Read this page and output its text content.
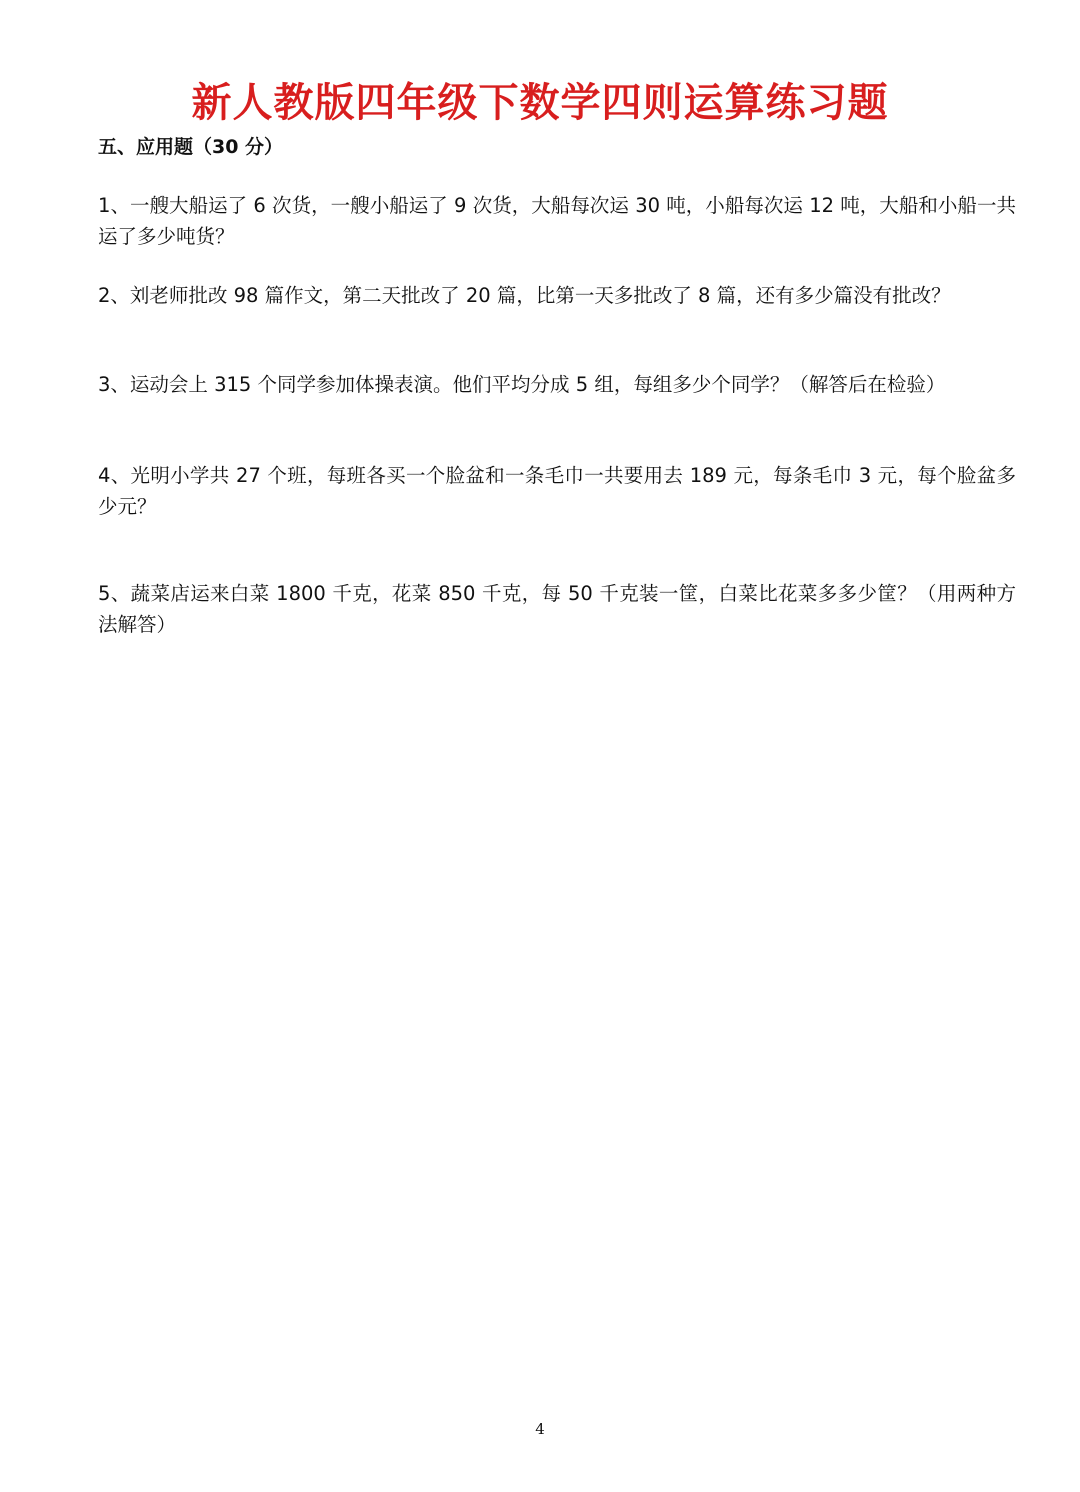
新人教版四年级下数学四则运算练习题
五、应用题（30 分）
1、一艘大船运了 6 次货，一艘小船运了 9 次货，大船每次运 30 吨，小船每次运 12 吨，大船和小船一共运了多少吨货？
2、刘老师批改 98 篇作文，第二天批改了 20 篇，比第一天多批改了 8 篇，还有多少篇没有批改？
3、运动会上 315 个同学参加体操表演。他们平均分成 5 组，每组多少个同学？（解答后在检验）
4、光明小学共 27 个班，每班各买一个脸盆和一条毛巾一共要用去 189 元，每条毛巾 3 元，每个脸盆多少元？
5、蔬菜店运来白菜 1800 千克，花菜 850 千克，每 50 千克装一筐，白菜比花菜多多少筐？（用两种方法解答）
4
